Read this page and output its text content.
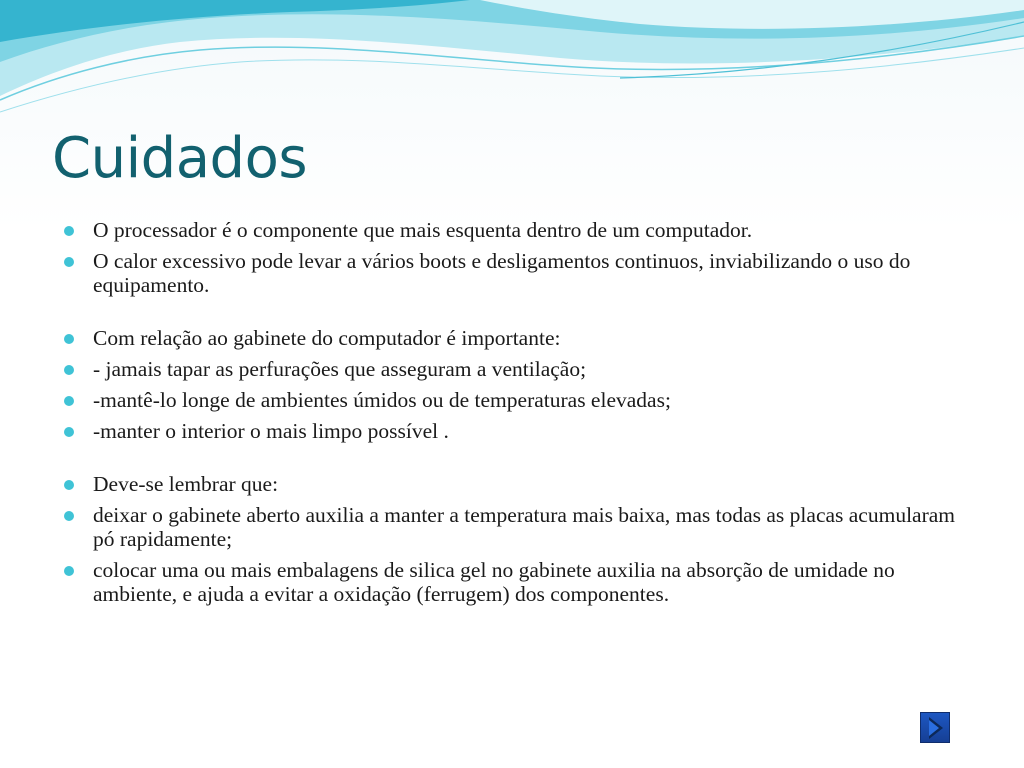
Cuidados
O processador é o componente que mais esquenta dentro de um computador.
O calor excessivo pode levar a vários boots e desligamentos continuos, inviabilizando o uso do equipamento.
Com relação ao gabinete do computador é importante:
- jamais tapar as perfurações que asseguram a ventilação;
-mantê-lo longe de ambientes úmidos ou de temperaturas elevadas;
-manter o interior o mais limpo possível .
Deve-se lembrar que:
deixar o gabinete aberto auxilia a manter a temperatura mais baixa, mas todas as placas acumularam pó rapidamente;
colocar uma ou mais embalagens de silica gel no gabinete auxilia na absorção de umidade no ambiente, e ajuda a evitar a oxidação (ferrugem) dos componentes.
